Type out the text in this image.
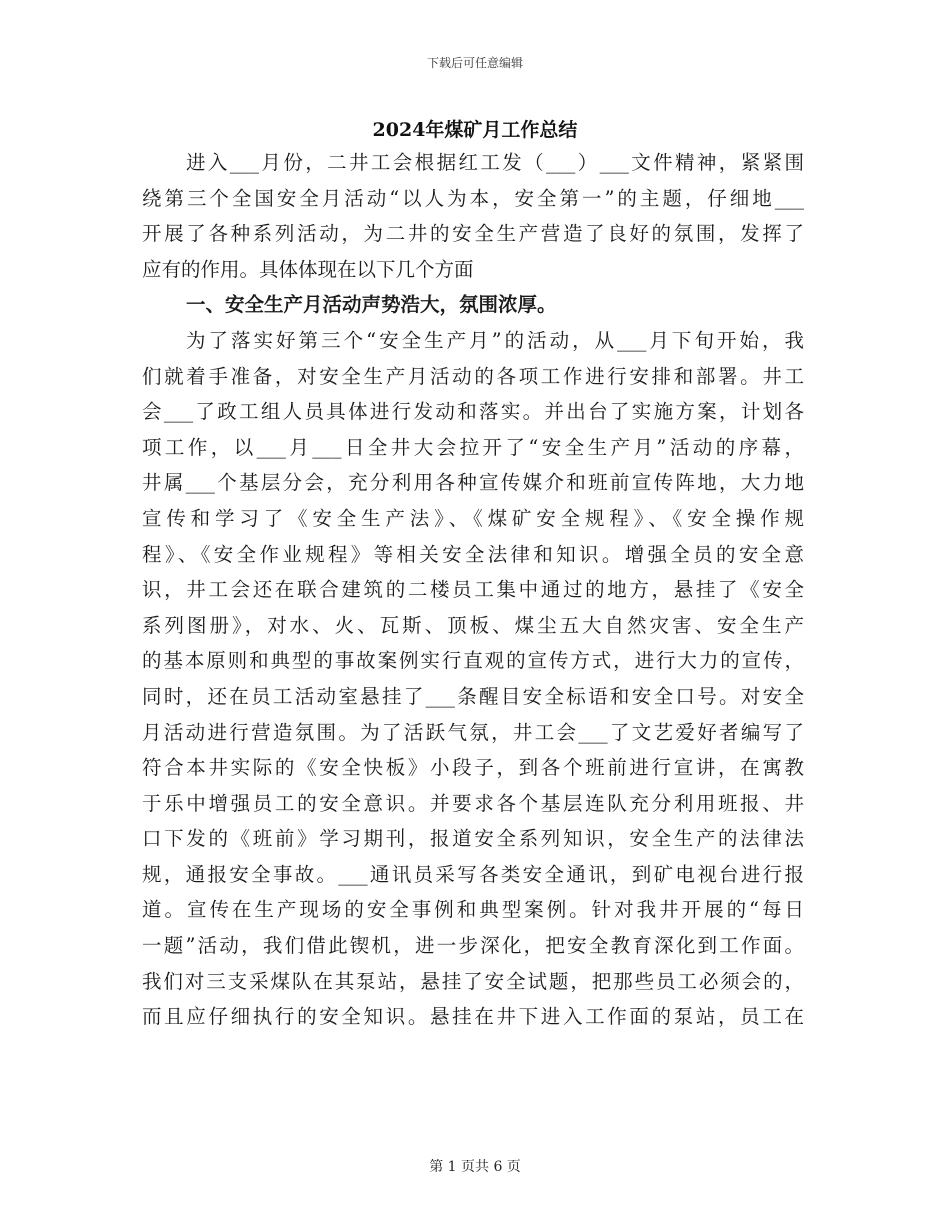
下载后可任意编辑
2024年煤矿月工作总结
进入___月份，二井工会根据红工发（___）___文件精神，紧紧围
绕第三个全国安全月活动“以人为本，安全第一”的主题，仔细地___
开展了各种系列活动，为二井的安全生产营造了良好的氛围，发挥了
应有的作用。具体体现在以下几个方面
一、安全生产月活动声势浩大，氛围浓厚。
为了落实好第三个“安全生产月”的活动，从___月下旬开始，我
们就着手准备，对安全生产月活动的各项工作进行安排和部署。井工
会___了政工组人员具体进行发动和落实。并出台了实施方案，计划各
项工作，以___月___日全井大会拉开了“安全生产月”活动的序幕，
井属___个基层分会，充分利用各种宣传媒介和班前宣传阵地，大力地
宣传和学习了《安全生产法》、《煤矿安全规程》、《安全操作规
程》、《安全作业规程》等相关安全法律和知识。增强全员的安全意
识，井工会还在联合建筑的二楼员工集中通过的地方，悬挂了《安全
系列图册》，对水、火、瓦斯、顶板、煤尘五大自然灾害、安全生产
的基本原则和典型的事故案例实行直观的宣传方式，进行大力的宣传，
同时，还在员工活动室悬挂了___条醒目安全标语和安全口号。对安全
月活动进行营造氛围。为了活跃气氛，井工会___了文艺爱好者编写了
符合本井实际的《安全快板》小段子，到各个班前进行宣讲，在寓教
于乐中增强员工的安全意识。并要求各个基层连队充分利用班报、井
口下发的《班前》学习期刊，报道安全系列知识，安全生产的法律法
规，通报安全事故。___通讯员采写各类安全通讯，到矿电视台进行报
道。宣传在生产现场的安全事例和典型案例。针对我井开展的“每日
一题”活动，我们借此锲机，进一步深化，把安全教育深化到工作面。
我们对三支采煤队在其泵站，悬挂了安全试题，把那些员工必须会的，
而且应仔细执行的安全知识。悬挂在井下进入工作面的泵站，员工在
第 1 页共 6 页
